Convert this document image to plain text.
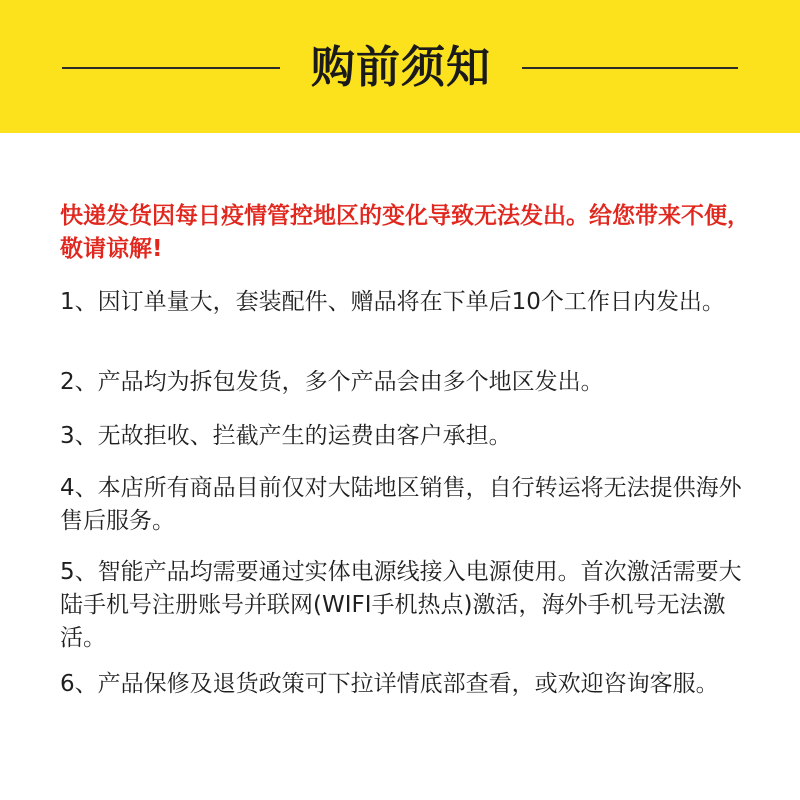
购前须知

快递发货因每日疫情管控地区的变化导致无法发出。给您带来不便，敬请谅解!

1、因订单量大，套装配件、赠品将在下单后10个工作日内发出。

2、产品均为拆包发货，多个产品会由多个地区发出。

3、无故拒收、拦截产生的运费由客户承担。

4、本店所有商品目前仅对大陆地区销售，自行转运将无法提供海外售后服务。

5、智能产品均需要通过实体电源线接入电源使用。首次激活需要大陆手机号注册账号并联网(WIFI手机热点)激活，海外手机号无法激活。

6、产品保修及退货政策可下拉详情底部查看，或欢迎咨询客服。
